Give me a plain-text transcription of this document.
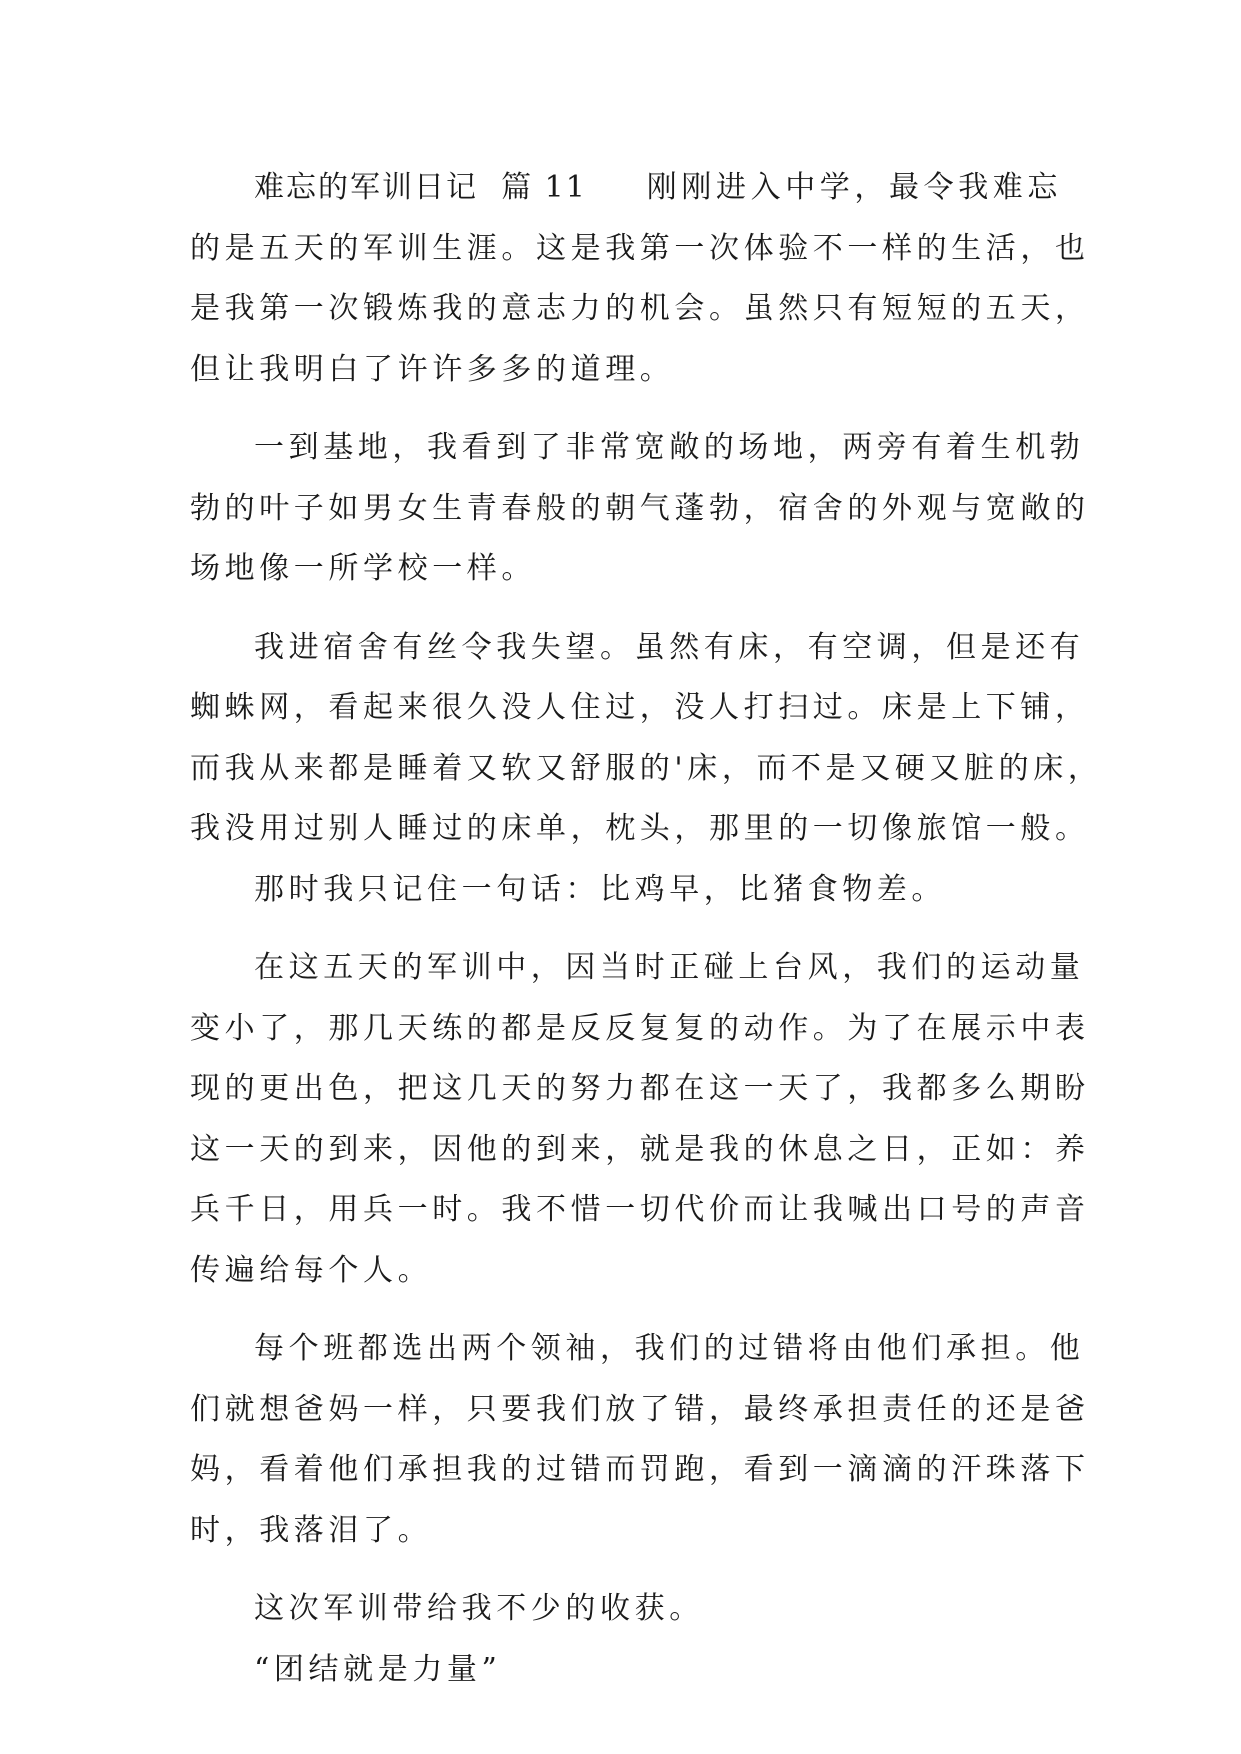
难忘的军训日记  篇 11 刚刚进入中学，最令我难忘

的是五天的军训生涯。这是我第一次体验不一样的生活，也

是我第一次锻炼我的意志力的机会。虽然只有短短的五天，

但让我明白了许许多多的道理。

一到基地，我看到了非常宽敞的场地，两旁有着生机勃

勃的叶子如男女生青春般的朝气蓬勃，宿舍的外观与宽敞的

场地像一所学校一样。

我进宿舍有丝令我失望。虽然有床，有空调，但是还有

蜘蛛网，看起来很久没人住过，没人打扫过。床是上下铺，

而我从来都是睡着又软又舒服的'床，而不是又硬又脏的床，

我没用过别人睡过的床单，枕头，那里的一切像旅馆一般。

那时我只记住一句话：比鸡早，比猪食物差。

在这五天的军训中，因当时正碰上台风，我们的运动量

变小了，那几天练的都是反反复复的动作。为了在展示中表

现的更出色，把这几天的努力都在这一天了，我都多么期盼

这一天的到来，因他的到来，就是我的休息之日，正如：养

兵千日，用兵一时。我不惜一切代价而让我喊出口号的声音

传遍给每个人。

每个班都选出两个领袖，我们的过错将由他们承担。他

们就想爸妈一样，只要我们放了错，最终承担责任的还是爸

妈，看着他们承担我的过错而罚跑，看到一滴滴的汗珠落下

时，我落泪了。

这次军训带给我不少的收获。

“团结就是力量”
